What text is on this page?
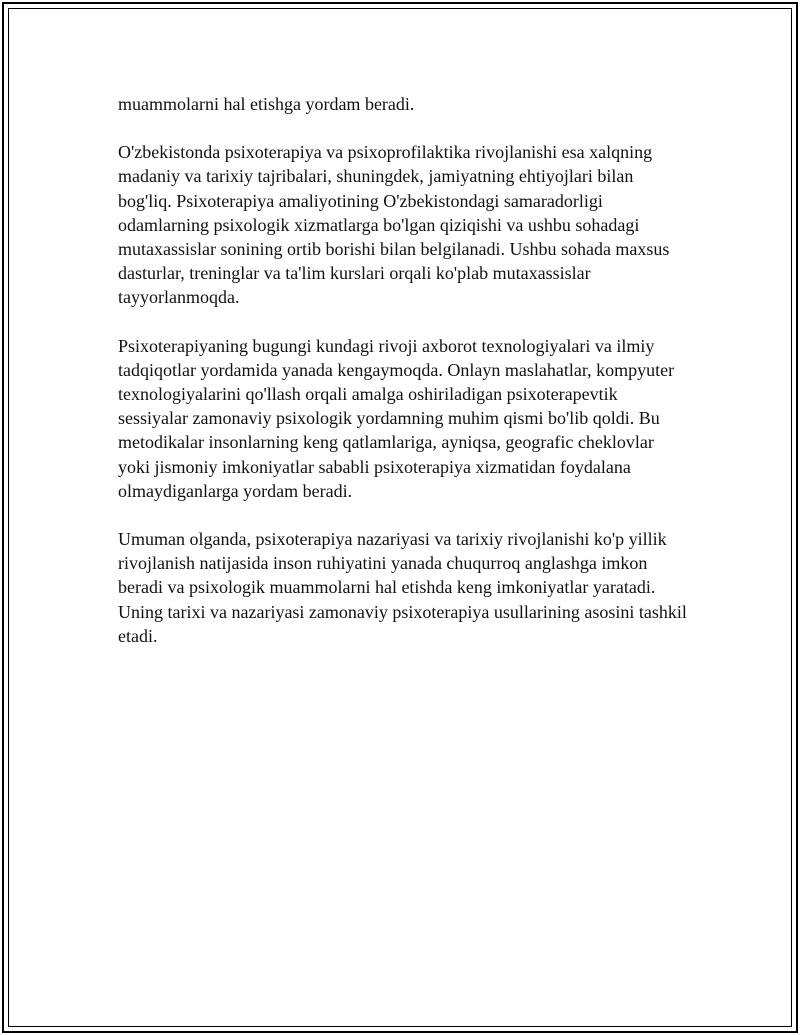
muammolarni hal etishga yordam beradi.

O'zbekistonda psixoterapiya va psixoprofilaktika rivojlanishi esa xalqning madaniy va tarixiy tajribalari, shuningdek, jamiyatning ehtiyojlari bilan bog'liq. Psixoterapiya amaliyotining O'zbekistondagi samaradorligi odamlarning psixologik xizmatlarga bo'lgan qiziqishi va ushbu sohadagi mutaxassislar sonining ortib borishi bilan belgilanadi. Ushbu sohada maxsus dasturlar, treninglar va ta'lim kurslari orqali ko'plab mutaxassislar tayyorlanmoqda.

Psixoterapiyaning bugungi kundagi rivoji axborot texnologiyalari va ilmiy tadqiqotlar yordamida yanada kengaymoqda. Onlayn maslahatlar, kompyuter texnologiyalarini qo'llash orqali amalga oshiriladigan psixoterapevtik sessiyalar zamonaviy psixologik yordamning muhim qismi bo'lib qoldi. Bu metodikalar insonlarning keng qatlamlariga, ayniqsa, geografic cheklovlar yoki jismoniy imkoniyatlar sababli psixoterapiya xizmatidan foydalana olmaydiganlarga yordam beradi.

Umuman olganda, psixoterapiya nazariyasi va tarixiy rivojlanishi ko'p yillik rivojlanish natijasida inson ruhiyatini yanada chuqurroq anglashga imkon beradi va psixologik muammolarni hal etishda keng imkoniyatlar yaratadi. Uning tarixi va nazariyasi zamonaviy psixoterapiya usullarining asosini tashkil etadi.
